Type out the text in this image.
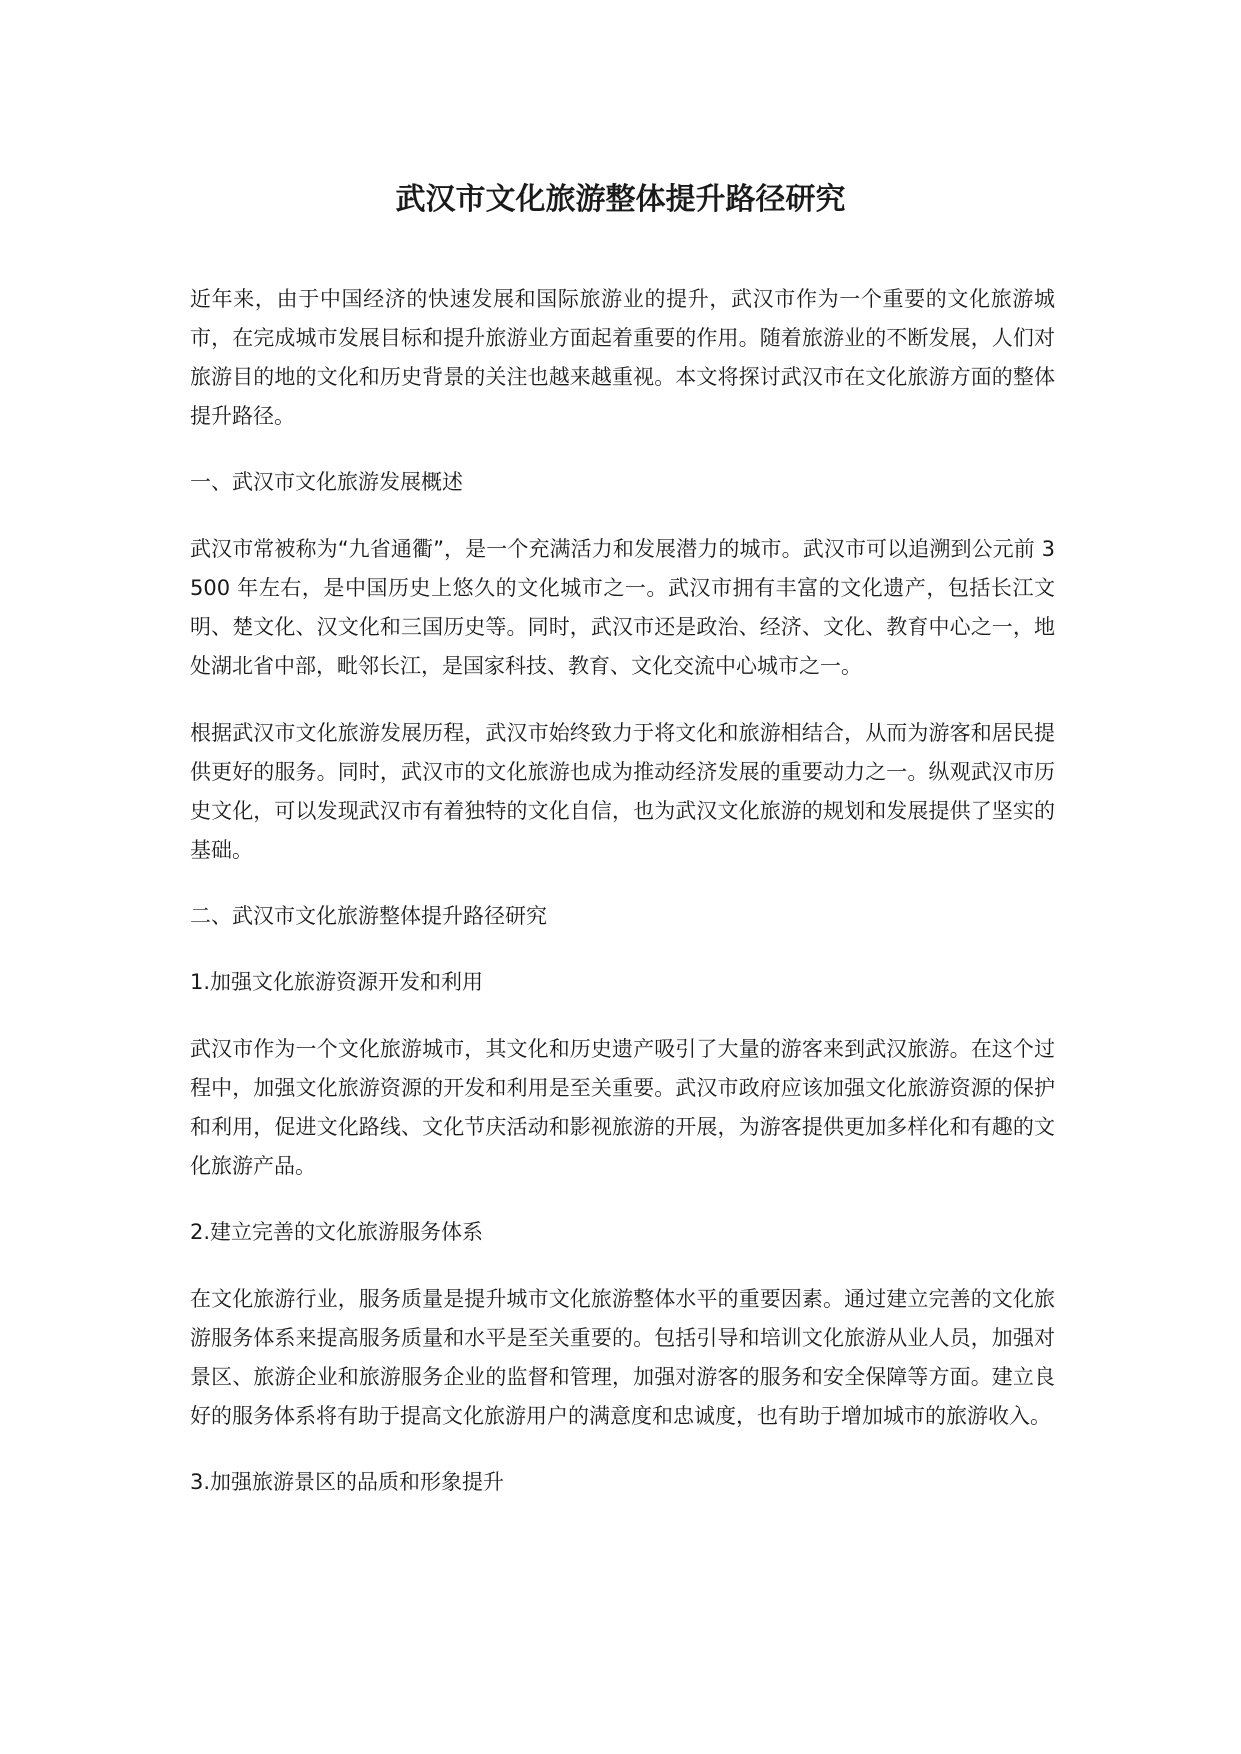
武汉市文化旅游整体提升路径研究

近年来，由于中国经济的快速发展和国际旅游业的提升，武汉市作为一个重要的文化旅游城市，在完成城市发展目标和提升旅游业方面起着重要的作用。随着旅游业的不断发展，人们对旅游目的地的文化和历史背景的关注也越来越重视。本文将探讨武汉市在文化旅游方面的整体提升路径。

一、武汉市文化旅游发展概述

武汉市常被称为“九省通衢”，是一个充满活力和发展潜力的城市。武汉市可以追溯到公元前 3500 年左右，是中国历史上悠久的文化城市之一。武汉市拥有丰富的文化遗产，包括长江文明、楚文化、汉文化和三国历史等。同时，武汉市还是政治、经济、文化、教育中心之一，地处湖北省中部，毗邻长江，是国家科技、教育、文化交流中心城市之一。

根据武汉市文化旅游发展历程，武汉市始终致力于将文化和旅游相结合，从而为游客和居民提供更好的服务。同时，武汉市的文化旅游也成为推动经济发展的重要动力之一。纵观武汉市历史文化，可以发现武汉市有着独特的文化自信，也为武汉文化旅游的规划和发展提供了坚实的基础。

二、武汉市文化旅游整体提升路径研究

1.加强文化旅游资源开发和利用

武汉市作为一个文化旅游城市，其文化和历史遗产吸引了大量的游客来到武汉旅游。在这个过程中，加强文化旅游资源的开发和利用是至关重要。武汉市政府应该加强文化旅游资源的保护和利用，促进文化路线、文化节庆活动和影视旅游的开展，为游客提供更加多样化和有趣的文化旅游产品。

2.建立完善的文化旅游服务体系

在文化旅游行业，服务质量是提升城市文化旅游整体水平的重要因素。通过建立完善的文化旅游服务体系来提高服务质量和水平是至关重要的。包括引导和培训文化旅游从业人员，加强对景区、旅游企业和旅游服务企业的监督和管理，加强对游客的服务和安全保障等方面。建立良好的服务体系将有助于提高文化旅游用户的满意度和忠诚度，也有助于增加城市的旅游收入。

3.加强旅游景区的品质和形象提升
